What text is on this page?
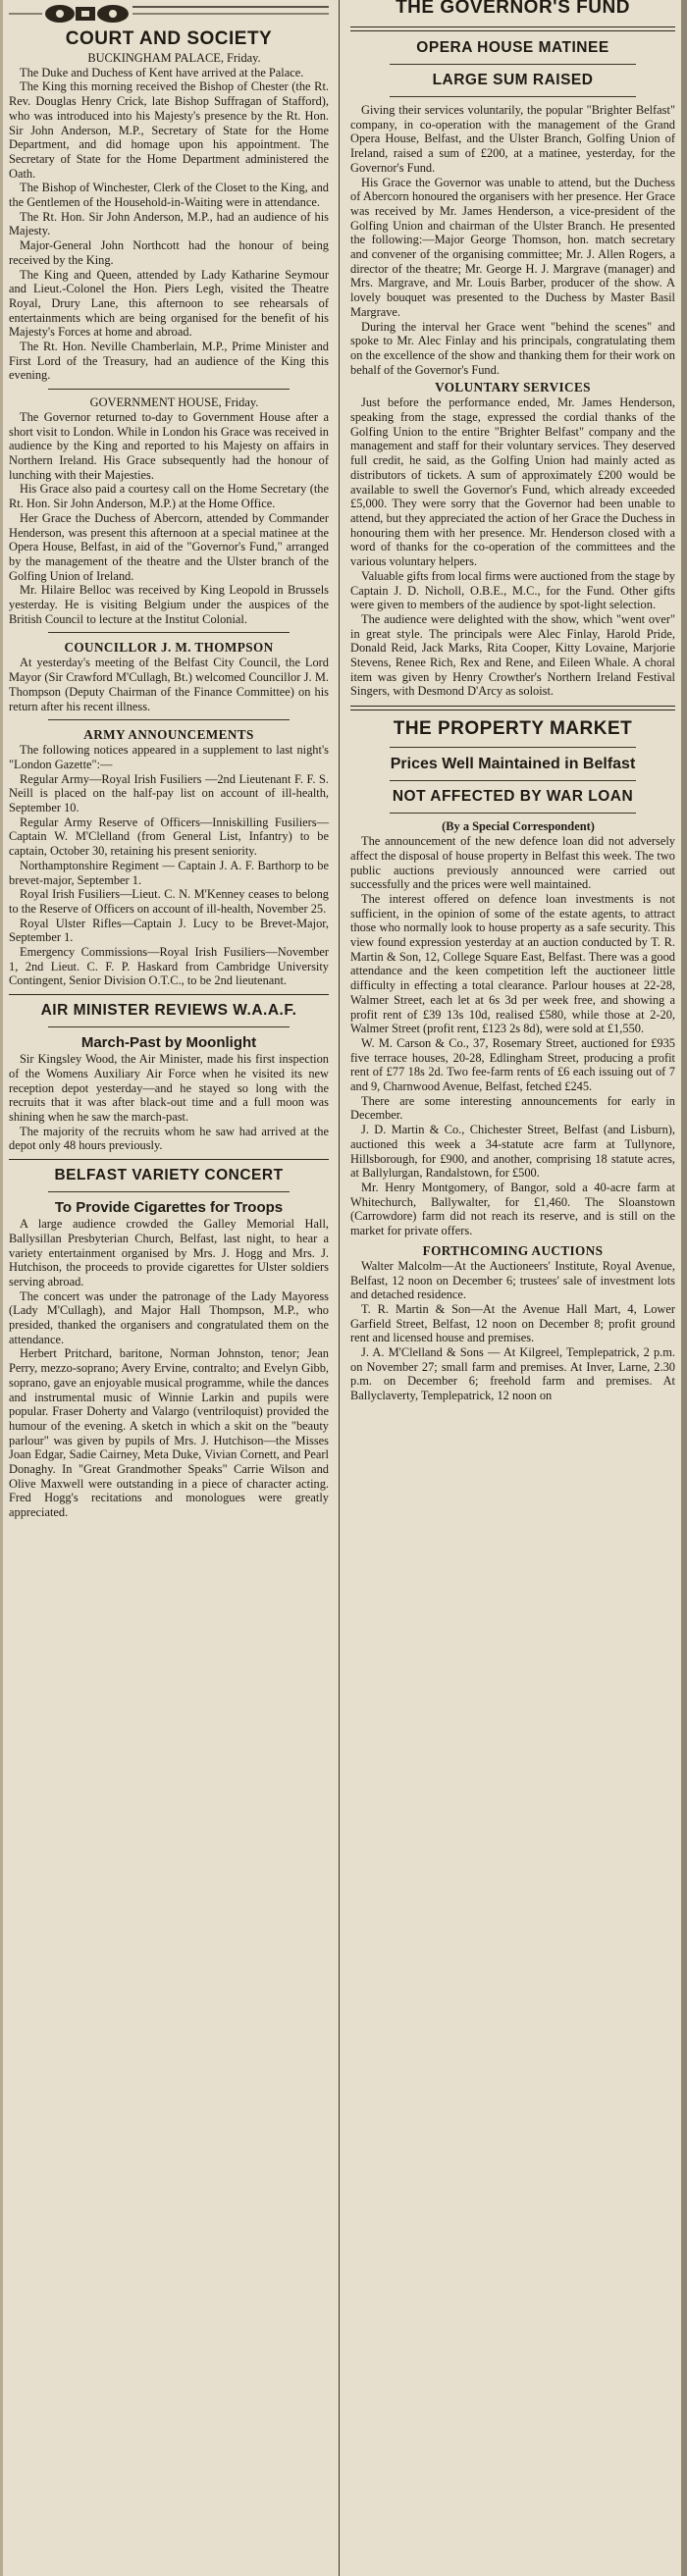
COURT AND SOCIETY

BUCKINGHAM PALACE, Friday.

The Duke and Duchess of Kent have arrived at the Palace.

The King this morning received the Bishop of Chester (the Rt. Rev. Douglas Henry Crick, late Bishop Suffragan of Stafford), who was introduced into his Majesty's presence by the Rt. Hon. Sir John Anderson, M.P., Secretary of State for the Home Department, and did homage upon his appointment. The Secretary of State for the Home Department administered the Oath.

The Bishop of Winchester, Clerk of the Closet to the King, and the Gentlemen of the Household-in-Waiting were in attendance.

The Rt. Hon. Sir John Anderson, M.P., had an audience of his Majesty.

Major-General John Northcott had the honour of being received by the King.

The King and Queen, attended by Lady Katharine Seymour and Lieut.-Colonel the Hon. Piers Legh, visited the Theatre Royal, Drury Lane, this afternoon to see rehearsals of entertainments which are being organised for the benefit of his Majesty's Forces at home and abroad.

The Rt. Hon. Neville Chamberlain, M.P., Prime Minister and First Lord of the Treasury, had an audience of the King this evening.

GOVERNMENT HOUSE, Friday.

The Governor returned to-day to Government House after a short visit to London. While in London his Grace was received in audience by the King and reported to his Majesty on affairs in Northern Ireland. His Grace subsequently had the honour of lunching with their Majesties.

His Grace also paid a courtesy call on the Home Secretary (the Rt. Hon. Sir John Anderson, M.P.) at the Home Office.

Her Grace the Duchess of Abercorn, attended by Commander Henderson, was present this afternoon at a special matinee at the Opera House, Belfast, in aid of the "Governor's Fund," arranged by the management of the theatre and the Ulster branch of the Golfing Union of Ireland.

Mr. Hilaire Belloc was received by King Leopold in Brussels yesterday. He is visiting Belgium under the auspices of the British Council to lecture at the Institut Colonial.

COUNCILLOR J. M. THOMPSON

At yesterday's meeting of the Belfast City Council, the Lord Mayor (Sir Crawford M'Cullagh, Bt.) welcomed Councillor J. M. Thompson (Deputy Chairman of the Finance Committee) on his return after his recent illness.

ARMY ANNOUNCEMENTS

The following notices appeared in a supplement to last night's "London Gazette":—

Regular Army—Royal Irish Fusiliers —2nd Lieutenant F. F. S. Neill is placed on the half-pay list on account of ill-health, September 10.

Regular Army Reserve of Officers—Inniskilling Fusiliers—Captain W. M'Clelland (from General List, Infantry) to be captain, October 30, retaining his present seniority.

Northamptonshire Regiment — Captain J. A. F. Barthorp to be brevet-major, September 1.

Royal Irish Fusiliers—Lieut. C. N. M'Kenney ceases to belong to the Reserve of Officers on account of ill-health, November 25.

Royal Ulster Rifles—Captain J. Lucy to be Brevet-Major, September 1.

Emergency Commissions—Royal Irish Fusiliers—November 1, 2nd Lieut. C. F. P. Haskard from Cambridge University Contingent, Senior Division O.T.C., to be 2nd lieutenant.

AIR MINISTER REVIEWS W.A.A.F.
March-Past by Moonlight

Sir Kingsley Wood, the Air Minister, made his first inspection of the Womens Auxiliary Air Force when he visited its new reception depot yesterday—and he stayed so long with the recruits that it was after black-out time and a full moon was shining when he saw the march-past.

The majority of the recruits whom he saw had arrived at the depot only 48 hours previously.

BELFAST VARIETY CONCERT
To Provide Cigarettes for Troops

A large audience crowded the Galley Memorial Hall, Ballysillan Presbyterian Church, Belfast, last night, to hear a variety entertainment organised by Mrs. J. Hogg and Mrs. J. Hutchison, the proceeds to provide cigarettes for Ulster soldiers serving abroad.

The concert was under the patronage of the Lady Mayoress (Lady M'Cullagh), and Major Hall Thompson, M.P., who presided, thanked the organisers and congratulated them on the attendance.

Herbert Pritchard, baritone, Norman Johnston, tenor; Jean Perry, mezzo-soprano; Avery Ervine, contralto; and Evelyn Gibb, soprano, gave an enjoyable musical programme, while the dances and instrumental music of Winnie Larkin and pupils were popular. Fraser Doherty and Valargo (ventriloquist) provided the humour of the evening. A sketch in which a skit on the "beauty parlour" was given by pupils of Mrs. J. Hutchison—the Misses Joan Edgar, Sadie Cairney, Meta Duke, Vivian Cornett, and Pearl Donaghy. In "Great Grandmother Speaks" Carrie Wilson and Olive Maxwell were outstanding in a piece of character acting. Fred Hogg's recitations and monologues were greatly appreciated.

THE GOVERNOR'S FUND
OPERA HOUSE MATINEE
LARGE SUM RAISED

Giving their services voluntarily, the popular "Brighter Belfast" company, in co-operation with the management of the Grand Opera House, Belfast, and the Ulster Branch, Golfing Union of Ireland, raised a sum of £200, at a matinee, yesterday, for the Governor's Fund.

His Grace the Governor was unable to attend, but the Duchess of Abercorn honoured the organisers with her presence. Her Grace was received by Mr. James Henderson, a vice-president of the Golfing Union and chairman of the Ulster Branch. He presented the following:—Major George Thomson, hon. match secretary and convener of the organising committee; Mr. J. Allen Rogers, a director of the theatre; Mr. George H. J. Margrave (manager) and Mrs. Margrave, and Mr. Louis Barber, producer of the show. A lovely bouquet was presented to the Duchess by Master Basil Margrave.

During the interval her Grace went "behind the scenes" and spoke to Mr. Alec Finlay and his principals, congratulating them on the excellence of the show and thanking them for their work on behalf of the Governor's Fund.

VOLUNTARY SERVICES

Just before the performance ended, Mr. James Henderson, speaking from the stage, expressed the cordial thanks of the Golfing Union to the entire "Brighter Belfast" company and the management and staff for their voluntary services. They deserved full credit, he said, as the Golfing Union had mainly acted as distributors of tickets. A sum of approximately £200 would be available to swell the Governor's Fund, which already exceeded £5,000. They were sorry that the Governor had been unable to attend, but they appreciated the action of her Grace the Duchess in honouring them with her presence. Mr. Henderson closed with a word of thanks for the co-operation of the committees and the various voluntary helpers.

Valuable gifts from local firms were auctioned from the stage by Captain J. D. Nicholl, O.B.E., M.C., for the Fund. Other gifts were given to members of the audience by spot-light selection.

The audience were delighted with the show, which "went over" in great style. The principals were Alec Finlay, Harold Pride, Donald Reid, Jack Marks, Rita Cooper, Kitty Lovaine, Marjorie Stevens, Renee Rich, Rex and Rene, and Eileen Whale. A choral item was given by Henry Crowther's Northern Ireland Festival Singers, with Desmond D'Arcy as soloist.

THE PROPERTY MARKET
Prices Well Maintained in Belfast
NOT AFFECTED BY WAR LOAN

(By a Special Correspondent)

The announcement of the new defence loan did not adversely affect the disposal of house property in Belfast this week. The two public auctions previously announced were carried out successfully and the prices were well maintained.

The interest offered on defence loan investments is not sufficient, in the opinion of some of the estate agents, to attract those who normally look to house property as a safe security. This view found expression yesterday at an auction conducted by T. R. Martin & Son, 12, College Square East, Belfast. There was a good attendance and the keen competition left the auctioneer little difficulty in effecting a total clearance. Parlour houses at 22-28, Walmer Street, each let at 6s 3d per week free, and showing a profit rent of £39 13s 10d, realised £580, while those at 2-20, Walmer Street (profit rent, £123 2s 8d), were sold at £1,550.

W. M. Carson & Co., 37, Rosemary Street, auctioned for £935 five terrace houses, 20-28, Edlingham Street, producing a profit rent of £77 18s 2d. Two fee-farm rents of £6 each issuing out of 7 and 9, Charnwood Avenue, Belfast, fetched £245.

There are some interesting announcements for early in December.

J. D. Martin & Co., Chichester Street, Belfast (and Lisburn), auctioned this week a 34-statute acre farm at Tullynore, Hillsborough, for £900, and another, comprising 18 statute acres, at Ballylurgan, Randalstown, for £500.

Mr. Henry Montgomery, of Bangor, sold a 40-acre farm at Whitechurch, Ballywalter, for £1,460. The Sloanstown (Carrowdore) farm did not reach its reserve, and is still on the market for private offers.

FORTHCOMING AUCTIONS

Walter Malcolm—At the Auctioneers' Institute, Royal Avenue, Belfast, 12 noon on December 6; trustees' sale of investment lots and detached residence.

T. R. Martin & Son—At the Avenue Hall Mart, 4, Lower Garfield Street, Belfast, 12 noon on December 8; profit ground rent and licensed house and premises.

J. A. M'Clelland & Sons — At Kilgreel, Templepatrick, 2 p.m. on November 27; small farm and premises. At Inver, Larne, 2.30 p.m. on December 6; freehold farm and premises. At Ballyclaverty, Templepatrick, 12 noon on
